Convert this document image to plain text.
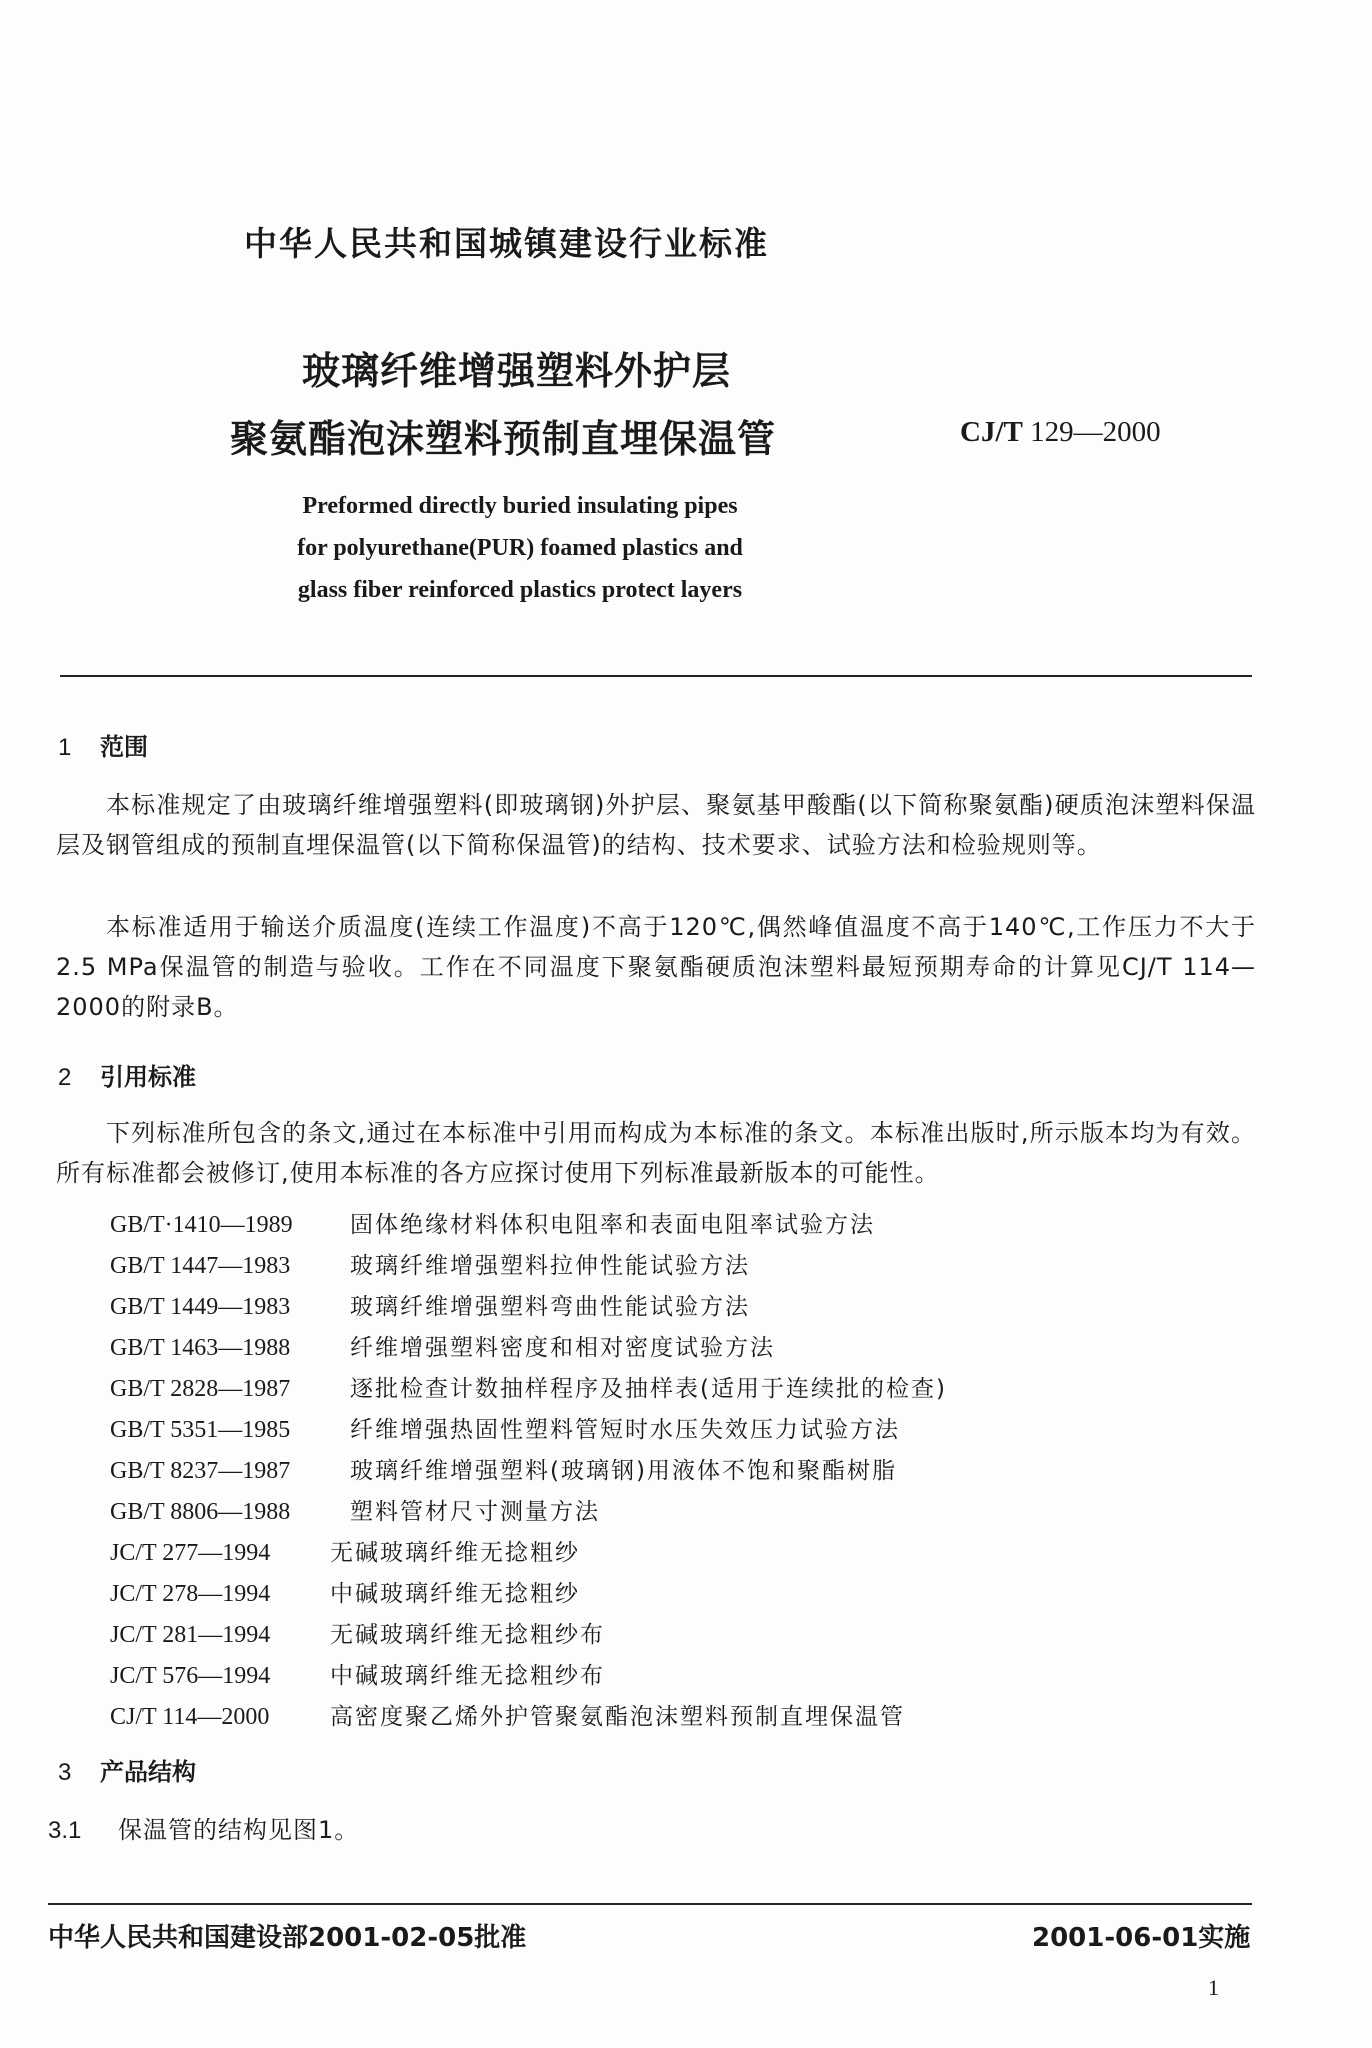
中华人民共和国城镇建设行业标准
玻璃纤维增强塑料外护层
聚氨酯泡沫塑料预制直埋保温管	CJ/T 129—2000
Preformed directly buried insulating pipes
for polyurethane(PUR) foamed plastics and
glass fiber reinforced plastics protect layers
1 范围
本标准规定了由玻璃纤维增强塑料(即玻璃钢)外护层、聚氨基甲酸酯(以下简称聚氨酯)硬质泡沫塑料保温层及钢管组成的预制直埋保温管(以下简称保温管)的结构、技术要求、试验方法和检验规则等。
本标准适用于输送介质温度(连续工作温度)不高于120℃,偶然峰值温度不高于140℃,工作压力不大于2.5 MPa保温管的制造与验收。工作在不同温度下聚氨酯硬质泡沫塑料最短预期寿命的计算见CJ/T 114—2000的附录B。
2 引用标准
下列标准所包含的条文,通过在本标准中引用而构成为本标准的条文。本标准出版时,所示版本均为有效。所有标准都会被修订,使用本标准的各方应探讨使用下列标准最新版本的可能性。
GB/T·1410—1989	固体绝缘材料体积电阻率和表面电阻率试验方法
GB/T 1447—1983	玻璃纤维增强塑料拉伸性能试验方法
GB/T 1449—1983	玻璃纤维增强塑料弯曲性能试验方法
GB/T 1463—1988	纤维增强塑料密度和相对密度试验方法
GB/T 2828—1987	逐批检查计数抽样程序及抽样表(适用于连续批的检查)
GB/T 5351—1985	纤维增强热固性塑料管短时水压失效压力试验方法
GB/T 8237—1987	玻璃纤维增强塑料(玻璃钢)用液体不饱和聚酯树脂
GB/T 8806—1988	塑料管材尺寸测量方法
JC/T 277—1994	无碱玻璃纤维无捻粗纱
JC/T 278—1994	中碱玻璃纤维无捻粗纱
JC/T 281—1994	无碱玻璃纤维无捻粗纱布
JC/T 576—1994	中碱玻璃纤维无捻粗纱布
CJ/T 114—2000	高密度聚乙烯外护管聚氨酯泡沫塑料预制直埋保温管
3 产品结构
3.1 保温管的结构见图1。
中华人民共和国建设部2001-02-05批准	2001-06-01实施
1
